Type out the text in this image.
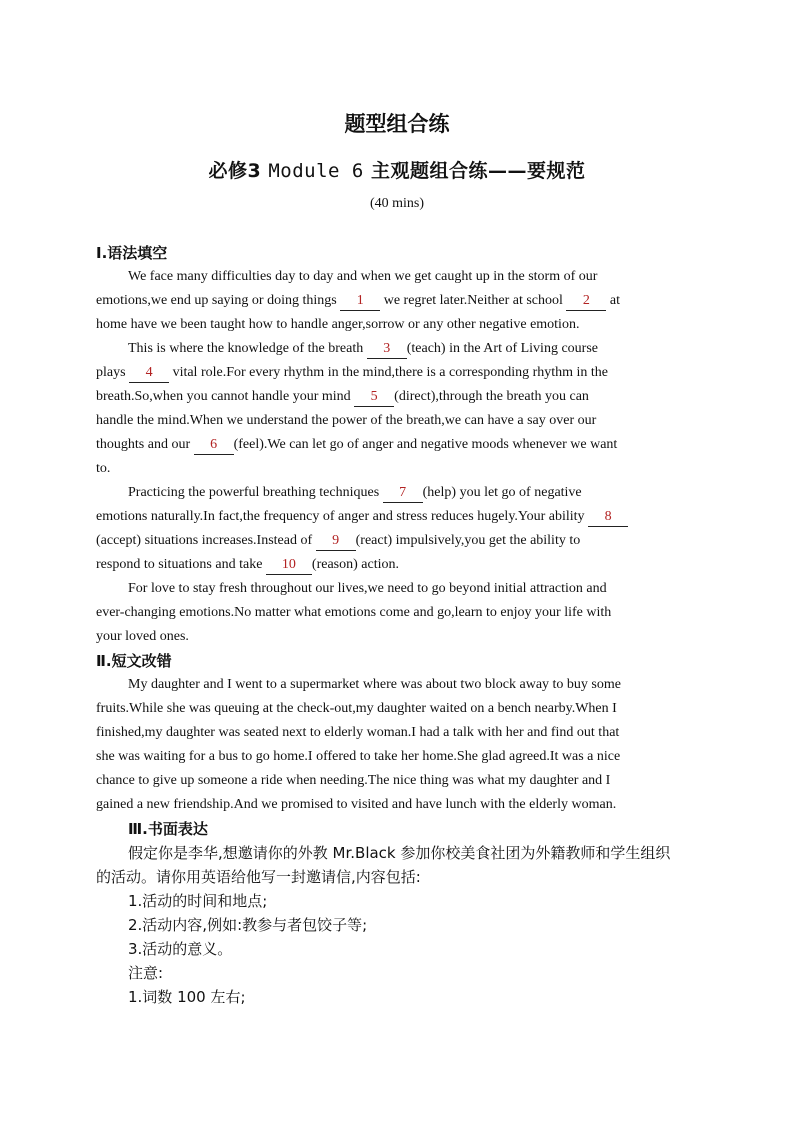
题型组合练
必修3 Module 6 主观题组合练——要规范
(40 mins)
Ⅰ.语法填空
We face many difficulties day to day and when we get caught up in the storm of our
emotions,we end up saying or doing things 1 we regret later.Neither at school 2 at
home have we been taught how to handle anger,sorrow or any other negative emotion.
This is where the knowledge of the breath 3 (teach) in the Art of Living course
plays 4 vital role.For every rhythm in the mind,there is a corresponding rhythm in the
breath.So,when you cannot handle your mind 5 (direct),through the breath you can
handle the mind.When we understand the power of the breath,we can have a say over our
thoughts and our 6 (feel).We can let go of anger and negative moods whenever we want
to.
Practicing the powerful breathing techniques 7 (help) you let go of negative
emotions naturally.In fact,the frequency of anger and stress reduces hugely.Your ability 8
(accept) situations increases.Instead of 9 (react) impulsively,you get the ability to
respond to situations and take 10 (reason) action.
For love to stay fresh throughout our lives,we need to go beyond initial attraction and
ever-changing emotions.No matter what emotions come and go,learn to enjoy your life with
your loved ones.
Ⅱ.短文改错
My daughter and I went to a supermarket where was about two block away to buy some
fruits.While she was queuing at the check-out,my daughter waited on a bench nearby.When I
finished,my daughter was seated next to elderly woman.I had a talk with her and find out that
she was waiting for a bus to go home.I offered to take her home.She glad agreed.It was a nice
chance to give up someone a ride when needing.The nice thing was what my daughter and I
gained a new friendship.And we promised to visited and have lunch with the elderly woman.
Ⅲ.书面表达
假定你是李华,想邀请你的外教 Mr.Black 参加你校美食社团为外籍教师和学生组织
的活动。请你用英语给他写一封邀请信,内容包括:
1.活动的时间和地点;
2.活动内容,例如:教参与者包饺子等;
3.活动的意义。
注意:
1.词数 100 左右;
